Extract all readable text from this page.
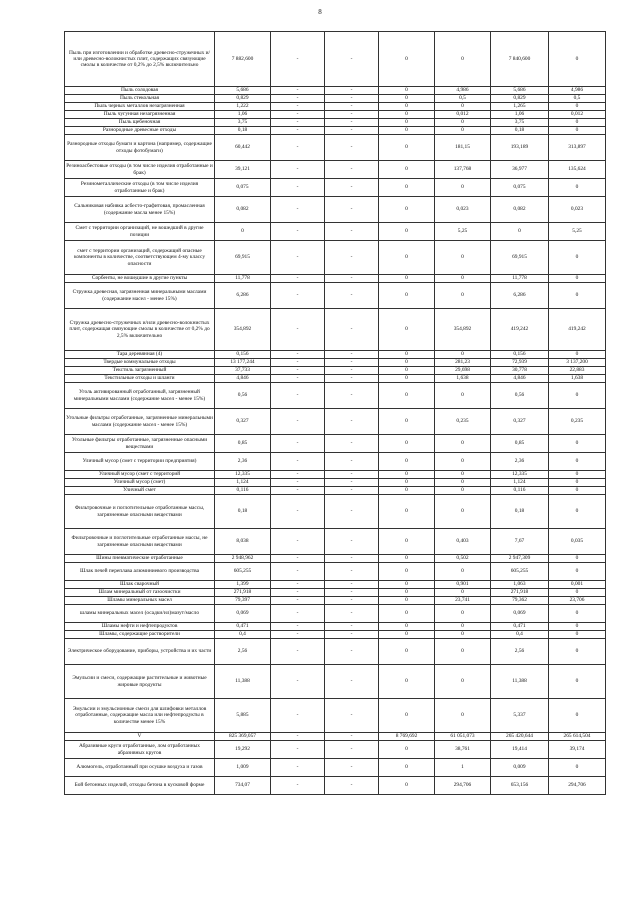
8
Пыль при изготовлении и обработке древесно-стружечных и/или древесно-волокнистых плит, содержащих связующие смолы в количестве от 0,2% до 2,5% включительно	7 882,600	-	-	0	0	7 840,600	0
Пыль солодовая	5,686	-	-	0	4,986	5,686	4,986
Пыль стекольная	0,829	-	-	0	0,5	0,829	0,5
Пыль черных металлов незагрязненная	1,222	-	-	0	0	1,265	0
Пыль чугунная незагрязненная	1,06	-	-	0	0,012	1,06	0,012
Пыль щебеночная	3,75	-	-	0	0	3,75	0
Разнородные древесные отходы	0,18	-	-	0	0	0,18	0
Разнородные отходы бумаги и картона (например, содержащие отходы фотобумаги)	60,442	-	-	0	181,15	193,189	313,897
Резиноасбестовые отходы (в том числе изделия отработанные и брак)	39,121	-	-	0	137,768	36,977	135,624
Резинометаллические отходы (в том числе изделия отработанные и брак)	0,075	-	-	0	0	0,075	0
Сальниковая набивка асбесто-графитовая, промасленная (содержание масла менее 15%)	0,082	-	-	0	0,023	0,082	0,023
Смет с территории организаций, не вошедший в другие позиции	0	-	-	0	5,25	0	5,25
смет с территории организаций, содержащий опасные компоненты в количестве, соответствующем 4-му классу опасности	69,915	-	-	0	0	69,915	0
Сорбенты, не вошедшие в другие пункты	11,778	-	-	0	0	11,778	0
Стружка древесная, загрязненная минеральными маслами (содержание масел - менее 15%)	6,286	-	-	0	0	6,286	0
Стружка древесно-стружечных и/или древесно-волокнистых плит, содержащая связующие смолы в количестве от 0,2% до 2,5% включительно	354,892	-	-	0	354,892	419,242	419,242
Тара деревянная (4)	0,156	-	-	0	0	0,156	0
Твердые коммунальные отходы	13 177,244	-	-	0	281,23	72,939	3 137,200
Текстиль загрязненный	37,733	-	-	0	29,698	30,778	22,883
Текстильные отходы и шланги	4,846	-	-	0	1,638	4,846	1,638
Уголь активированный отработанный, загрязненный минеральными маслами (содержание масел - менее 15%)	0,56	-	-	0	0	0,56	0
Угольные фильтры отработанные, загрязненные минеральными маслами (содержание масел - менее 15%)	0,327	-	-	0	0,235	0,327	0,235
Угольные фильтры отработанные, загрязненные опасными веществами	0,85	-	-	0	0	0,85	0
Уличный мусор (смет с территории предприятия)	2,36	-	-	0	0	2,36	0
Уличный мусор (смет с территорий	12,335	-	-	0	0	12,335	0
Уличный мусор (смет)	1,124	-	-	0	0	1,124	0
Уличный смет	0,116	-	-	0	0	0,116	0
Фильтровочные и поглотительные отработанные массы, загрязненные опасными веществами	0,18	-	-	0	0	0,18	0
Фильтровочные и поглотительные отработанные массы, не загрязненные опасными веществами	8,038	-	-	0	0,403	7,67	0,035
Шины пневматические отработанные	2 948,962	-	-	0	0,502	2 947,309	0
Шлак печей переплава алюминиевого производства	605,255	-	-	0	0	605,255	0
Шлак сварочный	1,399	-	-	0	0,901	1,063	0,001
Шлам минеральный от газоочистки	271,918	-	-	0	0	271,918	0
Шламы минеральных масел	79,397	-	-	0	23,741	79,362	23,706
шламы минеральных масел (осадки/ил)мазут/масло	0,069	-	-	0	0	0,069	0
Шламы нефти и нефтепродуктов	0,471	-	-	0	0	0,471	0
Шламы, содержащие растворители	0,4	-	-	0	0	0,4	0
Электрическое оборудование, приборы, устройства и их части	2,56	-	-	0	0	2,56	0
Эмульсии и смеси, содержащие растительные и животные жировые продукты	11,388	-	-	0	0	11,388	0
Эмульсии и эмульсионные смеси для шлифовки металлов отработанные, содержащие масла или нефтепродукты в количестве менее 15%	5,885	-	-	0	0	5,337	0
V	825 369,057	-	-	8 769,692	61 051,073	265 420,644	265 614,504
Абразивные круги отработанные, лом отработанных абразивных кругов	19,292	-	-	0	38,761	19,414	39,174
Алюмогель, отработанный при осушке воздуха и газов	1,009	-	-	0	1	0,009	0
Бой бетонных изделий, отходы бетона в кусковой форме	734,07	-	-	0	294,706	653,156	294,706
